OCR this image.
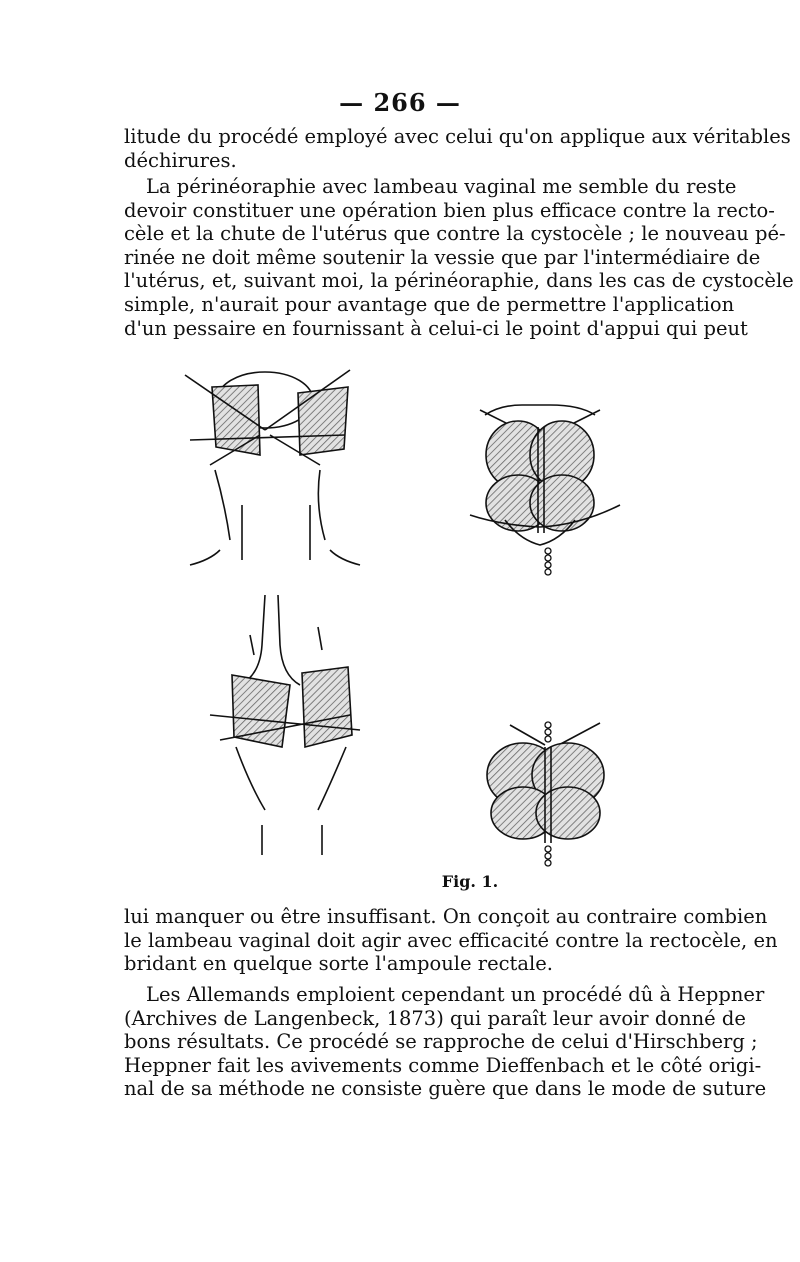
— 266 —
litude du procédé employé avec celui qu'on applique aux véritables
déchirures.
La périnéoraphie avec lambeau vaginal me semble du reste
devoir constituer une opération bien plus efficace contre la recto-
cèle et la chute de l'utérus que contre la cystocèle ; le nouveau pé-
rinée ne doit même soutenir la vessie que par l'intermédiaire de
l'utérus, et, suivant moi, la périnéoraphie, dans les cas de cystocèle
simple, n'aurait pour avantage que de permettre l'application
d'un pessaire en fournissant à celui-ci le point d'appui qui peut
Fig. 1.
lui manquer ou être insuffisant. On conçoit au contraire combien
le lambeau vaginal doit agir avec efficacité contre la rectocèle, en
bridant en quelque sorte l'ampoule rectale.
Les Allemands emploient cependant un procédé dû à Heppner
(Archives de Langenbeck, 1873) qui paraît leur avoir donné de
bons résultats. Ce procédé se rapproche de celui d'Hirschberg ;
Heppner fait les avivements comme Dieffenbach et le côté origi-
nal de sa méthode ne consiste guère que dans le mode de suture
